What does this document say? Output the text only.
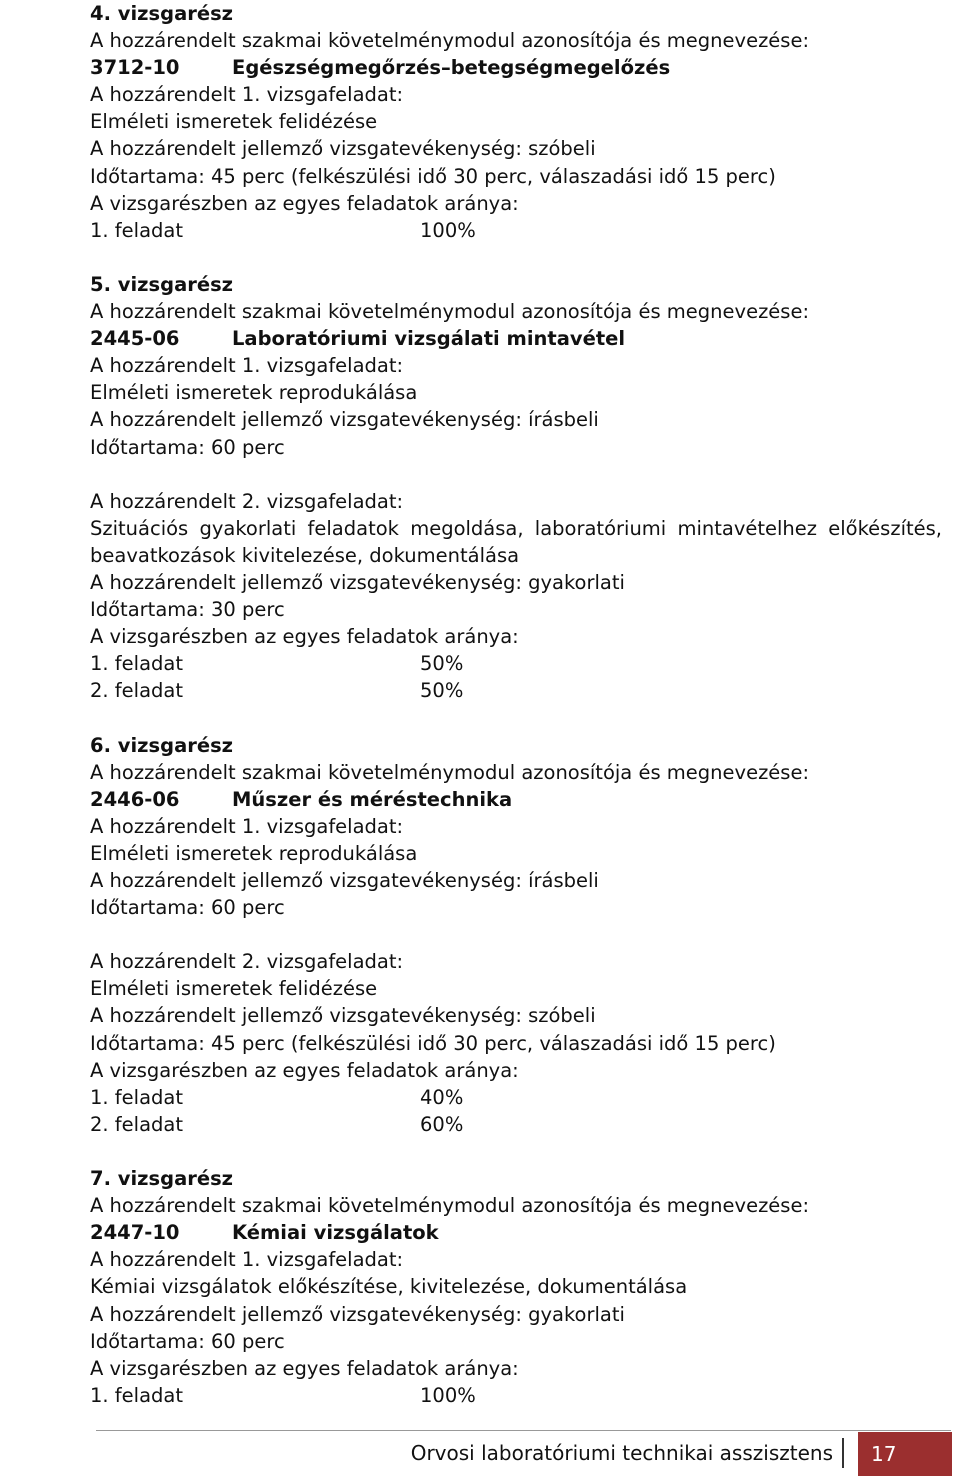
4. vizsgarész
A hozzárendelt szakmai követelménymodul azonosítója és megnevezése:
3712-10	Egészségmegőrzés–betegségmegelőzés
A hozzárendelt 1. vizsgafeladat:
Elméleti ismeretek felidézése
A hozzárendelt jellemző vizsgatevékenység: szóbeli
Időtartama: 45 perc (felkészülési idő 30 perc, válaszadási idő 15 perc)
A vizsgarészben az egyes feladatok aránya:
1. feladat	100%
5. vizsgarész
A hozzárendelt szakmai követelménymodul azonosítója és megnevezése:
2445-06	Laboratóriumi vizsgálati mintavétel
A hozzárendelt 1. vizsgafeladat:
Elméleti ismeretek reprodukálása
A hozzárendelt jellemző vizsgatevékenység: írásbeli
Időtartama: 60 perc
A hozzárendelt 2. vizsgafeladat:
Szituációs gyakorlati feladatok megoldása, laboratóriumi mintavételhez előkészítés,
beavatkozások kivitelezése, dokumentálása
A hozzárendelt jellemző vizsgatevékenység: gyakorlati
Időtartama: 30 perc
A vizsgarészben az egyes feladatok aránya:
1. feladat	50%
2. feladat	50%
6. vizsgarész
A hozzárendelt szakmai követelménymodul azonosítója és megnevezése:
2446-06	Műszer és méréstechnika
A hozzárendelt 1. vizsgafeladat:
Elméleti ismeretek reprodukálása
A hozzárendelt jellemző vizsgatevékenység: írásbeli
Időtartama: 60 perc
A hozzárendelt 2. vizsgafeladat:
Elméleti ismeretek felidézése
A hozzárendelt jellemző vizsgatevékenység: szóbeli
Időtartama: 45 perc (felkészülési idő 30 perc, válaszadási idő 15 perc)
A vizsgarészben az egyes feladatok aránya:
1. feladat	40%
2. feladat	60%
7. vizsgarész
A hozzárendelt szakmai követelménymodul azonosítója és megnevezése:
2447-10	Kémiai vizsgálatok
A hozzárendelt 1. vizsgafeladat:
Kémiai vizsgálatok előkészítése, kivitelezése, dokumentálása
A hozzárendelt jellemző vizsgatevékenység: gyakorlati
Időtartama: 60 perc
A vizsgarészben az egyes feladatok aránya:
1. feladat	100%
Orvosi laboratóriumi technikai asszisztens	17
